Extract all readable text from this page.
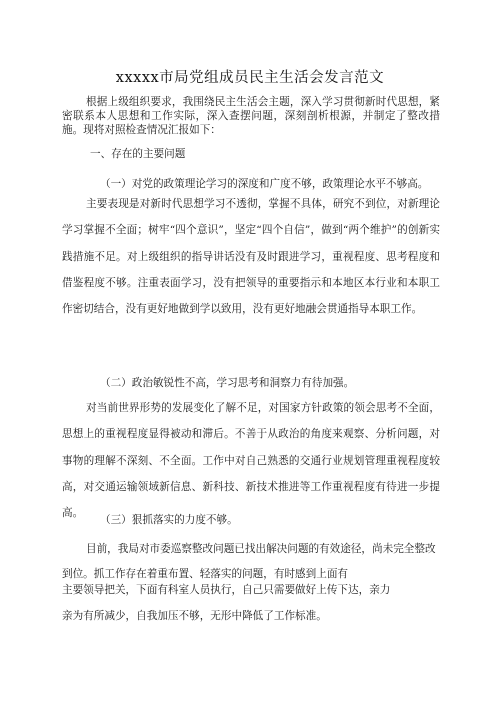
xxxxx市局党组成员民主生活会发言范文

根据上级组织要求，我围绕民主生活会主题，深入学习贯彻新时代思想，紧密联系本人思想和工作实际，深入查摆问题，深刻剖析根源，并制定了整改措施。现将对照检查情况汇报如下：

一、存在的主要问题

（一）对党的政策理论学习的深度和广度不够，政策理论水平不够高。

主要表现是对新时代思想学习不透彻，掌握不具体，研究不到位，对新理论学习掌握不全面；树牢“四个意识”，坚定“四个自信”，做到“两个维护”的创新实践措施不足。对上级组织的指导讲话没有及时跟进学习，重视程度、思考程度和借鉴程度不够。注重表面学习，没有把领导的重要指示和本地区本行业和本职工作密切结合，没有更好地做到学以致用，没有更好地融会贯通指导本职工作。

（二）政治敏锐性不高，学习思考和洞察力有待加强。

对当前世界形势的发展变化了解不足，对国家方针政策的领会思考不全面，思想上的重视程度显得被动和滞后。不善于从政治的角度来观察、分析问题，对事物的理解不深刻、不全面。工作中对自己熟悉的交通行业规划管理重视程度较高，对交通运输领域新信息、新科技、新技术推进等工作重视程度有待进一步提高。

（三）狠抓落实的力度不够。

目前，我局对市委巡察整改问题已找出解决问题的有效途径，尚未完全整改

到位。抓工作存在着重布置、轻落实的问题，有时感到上面有

主要领导把关，下面有科室人员执行，自己只需要做好上传下达，亲力

亲为有所减少，自我加压不够，无形中降低了工作标准。
